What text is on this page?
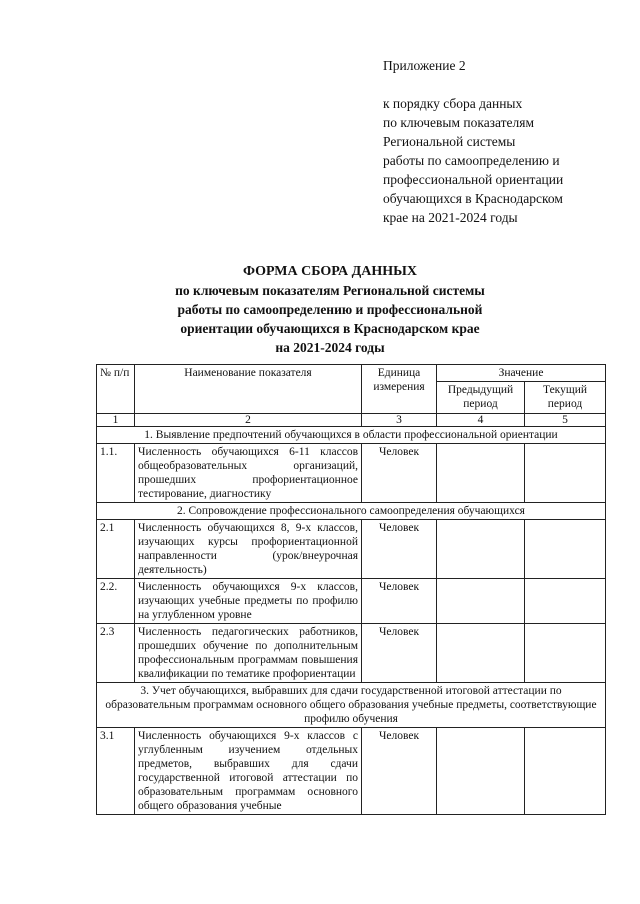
Приложение 2
к порядку сбора данных
по ключевым показателям
Региональной системы
работы по самоопределению и
профессиональной ориентации
обучающихся в Краснодарском
крае на 2021-2024 годы
ФОРМА СБОРА ДАННЫХ
по ключевым показателям Региональной системы
работы по самоопределению и профессиональной
ориентации обучающихся в Краснодарском крае
на 2021-2024 годы
№ п/п	Наименование показателя	Единица измерения	Значение	
			Предыдущий период	Текущий период
1	2	3	4	5
1. Выявление предпочтений обучающихся в области профессиональной ориентации				
1.1.	Численность обучающихся 6-11 классов общеобразовательных организаций, прошедших профориентационное тестирование, диагностику	Человек		
2. Сопровождение профессионального самоопределения обучающихся				
2.1	Численность обучающихся 8, 9-х классов, изучающих курсы профориентационной направленности (урок/внеурочная деятельность)	Человек		
2.2.	Численность обучающихся 9-х классов, изучающих учебные предметы по профилю на углубленном уровне	Человек		
2.3	Численность педагогических работников, прошедших обучение по дополнительным профессиональным программам повышения квалификации по тематике профориентации	Человек		
3. Учет обучающихся, выбравших для сдачи государственной итоговой аттестации по образовательным программам основного общего образования учебные предметы, соответствующие профилю обучения				
3.1	Численность обучающихся 9-х классов с углубленным изучением отдельных предметов, выбравших для сдачи государственной итоговой аттестации по образовательным программам основного общего образования учебные	Человек		
